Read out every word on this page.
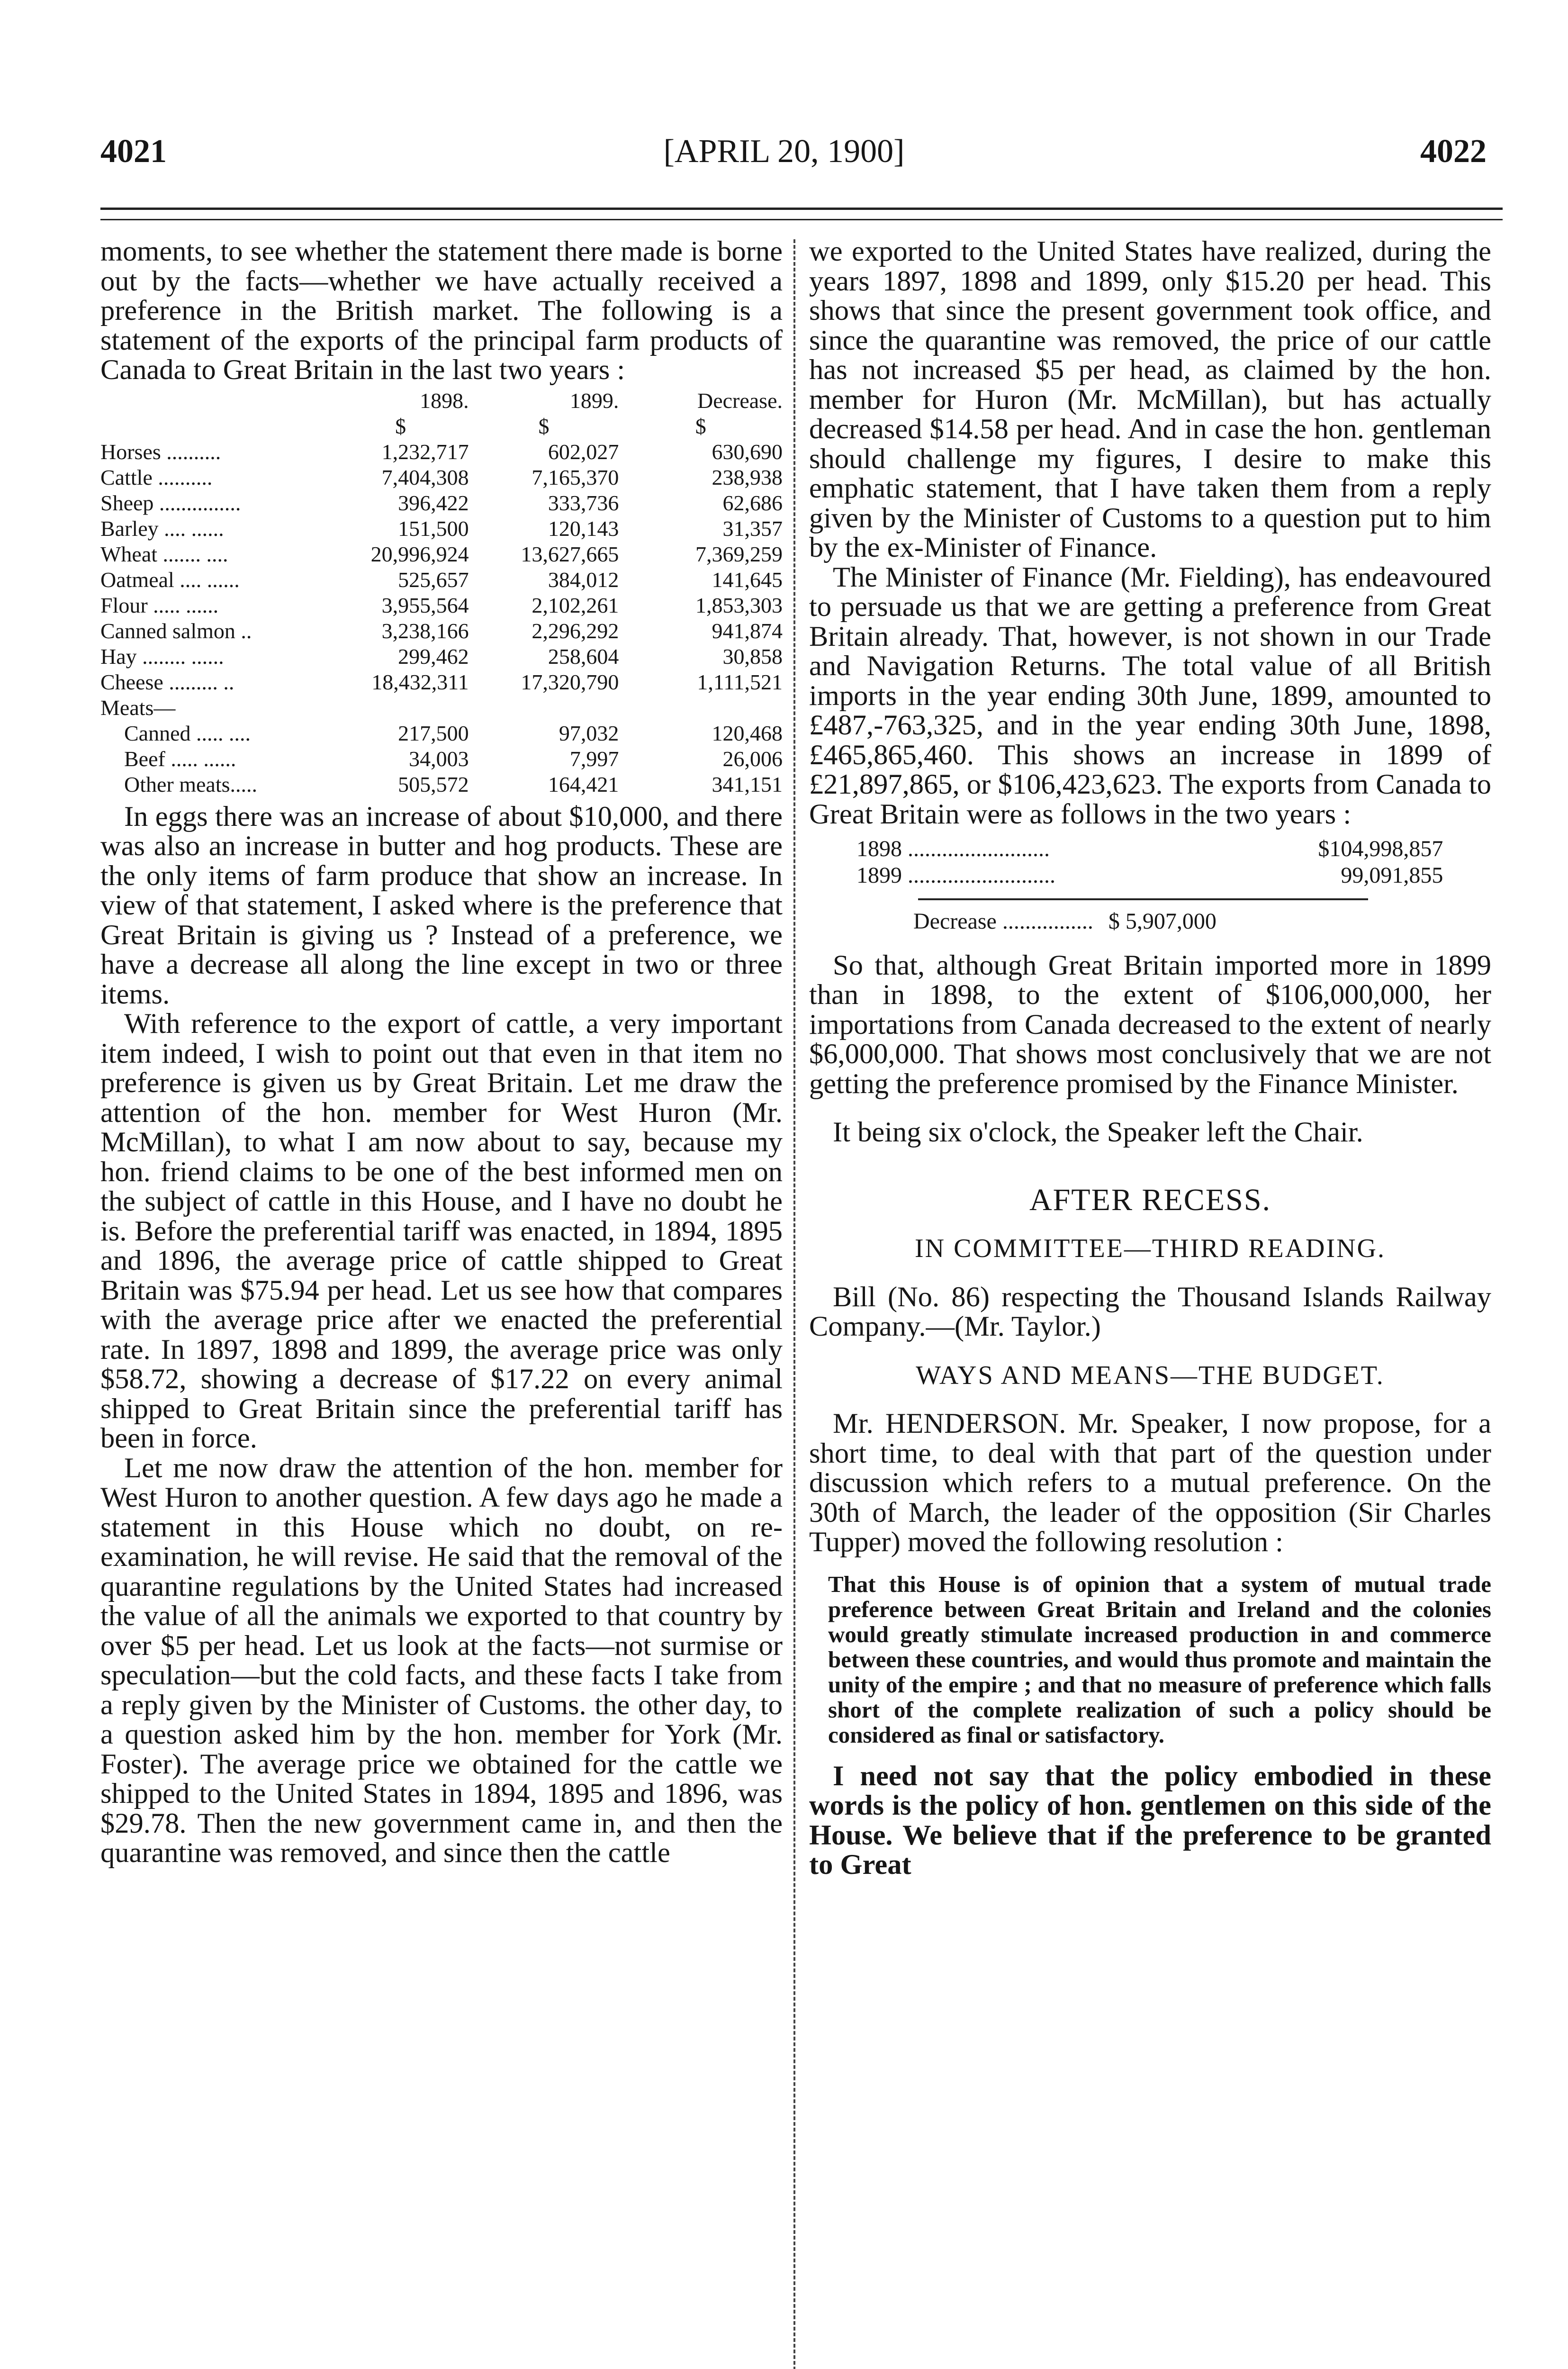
[APRIL 20, 1900]
4021	4022

moments, to see whether the statement there made is borne out by the facts—whether we have actually received a preference in the British market. The following is a statement of the exports of the principal farm products of Canada to Great Britain in the last two years :

	1898.	1899.	Decrease.
	$	$	$
Horses ..........	1,232,717	602,027	630,690
Cattle ..........	7,404,308	7,165,370	238,938
Sheep ...............	396,422	333,736	62,686
Barley .... ......	151,500	120,143	31,357
Wheat ....... ....	20,996,924	13,627,665	7,369,259
Oatmeal .... ......	525,657	384,012	141,645
Flour ..... ......	3,955,564	2,102,261	1,853,303
Canned salmon ..	3,238,166	2,296,292	941,874
Hay ........ ......	299,462	258,604	30,858
Cheese ......... ..	18,432,311	17,320,790	1,111,521
Meats—			
Canned ..... ....	217,500	97,032	120,468
Beef ..... ......	34,003	7,997	26,006
Other meats.....	505,572	164,421	341,151

In eggs there was an increase of about $10,000, and there was also an increase in butter and hog products. These are the only items of farm produce that show an increase. In view of that statement, I asked where is the preference that Great Britain is giving us ? Instead of a preference, we have a decrease all along the line except in two or three items.

With reference to the export of cattle, a very important item indeed, I wish to point out that even in that item no preference is given us by Great Britain. Let me draw the attention of the hon. member for West Huron (Mr. McMillan), to what I am now about to say, because my hon. friend claims to be one of the best informed men on the subject of cattle in this House, and I have no doubt he is. Before the preferential tariff was enacted, in 1894, 1895 and 1896, the average price of cattle shipped to Great Britain was $75.94 per head. Let us see how that compares with the average price after we enacted the preferential rate. In 1897, 1898 and 1899, the average price was only $58.72, showing a decrease of $17.22 on every animal shipped to Great Britain since the preferential tariff has been in force.

Let me now draw the attention of the hon. member for West Huron to another question. A few days ago he made a statement in this House which no doubt, on re-examination, he will revise. He said that the removal of the quarantine regulations by the United States had increased the value of all the animals we exported to that country by over $5 per head. Let us look at the facts—not surmise or speculation—but the cold facts, and these facts I take from a reply given by the Minister of Customs. the other day, to a question asked him by the hon. member for York (Mr. Foster). The average price we obtained for the cattle we shipped to the United States in 1894, 1895 and 1896, was $29.78. Then the new government came in, and then the quarantine was removed, and since then the cattle

we exported to the United States have realized, during the years 1897, 1898 and 1899, only $15.20 per head. This shows that since the present government took office, and since the quarantine was removed, the price of our cattle has not increased $5 per head, as claimed by the hon. member for Huron (Mr. McMillan), but has actually decreased $14.58 per head. And in case the hon. gentleman should challenge my figures, I desire to make this emphatic statement, that I have taken them from a reply given by the Minister of Customs to a question put to him by the ex-Minister of Finance.

The Minister of Finance (Mr. Fielding), has endeavoured to persuade us that we are getting a preference from Great Britain already. That, however, is not shown in our Trade and Navigation Returns. The total value of all British imports in the year ending 30th June, 1899, amounted to £487,-763,325, and in the year ending 30th June, 1898, £465,865,460. This shows an increase in 1899 of £21,897,865, or $106,423,623. The exports from Canada to Great Britain were as follows in the two years :

1898 .........................	$104,998,857
1899 ..........................	99,091,855
Decrease ................ $ 5,907,000

So that, although Great Britain imported more in 1899 than in 1898, to the extent of $106,000,000, her importations from Canada decreased to the extent of nearly $6,000,000. That shows most conclusively that we are not getting the preference promised by the Finance Minister.

It being six o'clock, the Speaker left the Chair.

AFTER RECESS.
IN COMMITTEE—THIRD READING.

Bill (No. 86) respecting the Thousand Islands Railway Company.—(Mr. Taylor.)

WAYS AND MEANS—THE BUDGET.

Mr. HENDERSON. Mr. Speaker, I now propose, for a short time, to deal with that part of the question under discussion which refers to a mutual preference. On the 30th of March, the leader of the opposition (Sir Charles Tupper) moved the following resolution :

That this House is of opinion that a system of mutual trade preference between Great Britain and Ireland and the colonies would greatly stimulate increased production in and commerce between these countries, and would thus promote and maintain the unity of the empire ; and that no measure of preference which falls short of the complete realization of such a policy should be considered as final or satisfactory.

I need not say that the policy embodied in these words is the policy of hon. gentlemen on this side of the House. We believe that if the preference to be granted to Great
